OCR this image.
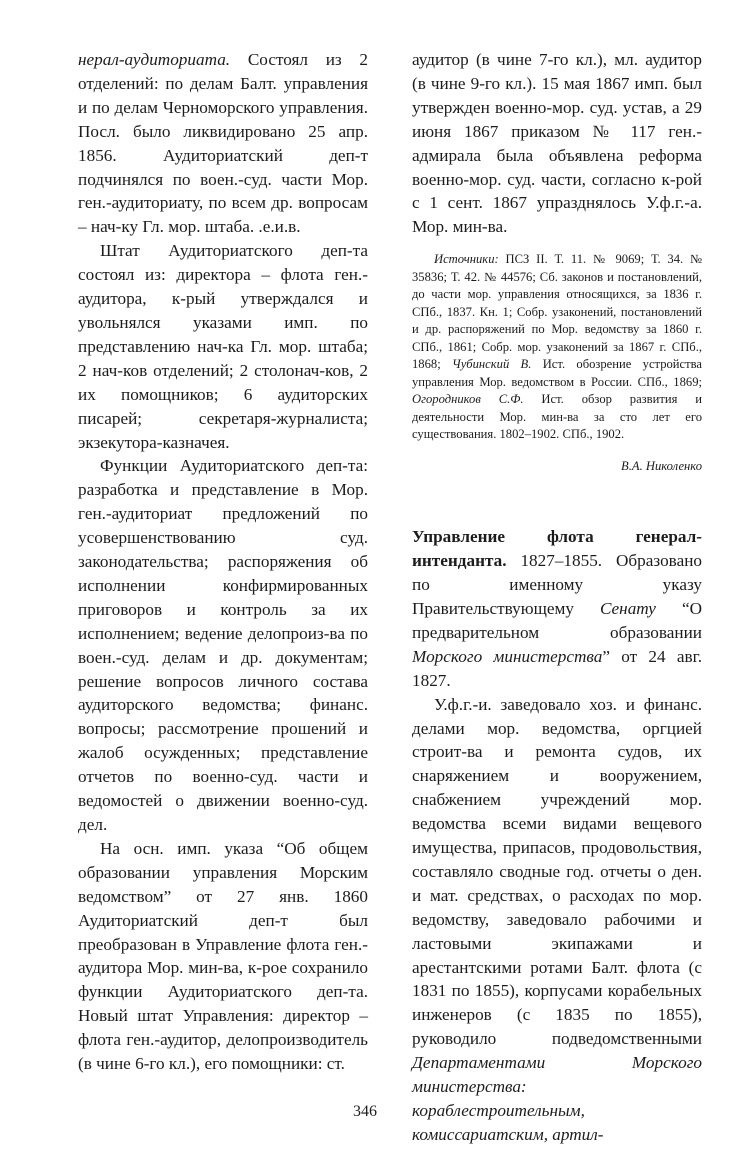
нерал-аудиториата. Состоял из 2 отделений: по делам Балт. управления и по делам Черноморского управления. Посл. было ликвидировано 25 апр. 1856. Аудиториатский деп-т подчинялся по воен.-суд. части Мор. ген.-аудиториату, по всем др. вопросам – нач-ку Гл. мор. штаба. .е.и.в.

Штат Аудиториатского деп-та состоял из: директора – флота ген.-аудитора, к-рый утверждался и увольнялся указами имп. по представлению нач-ка Гл. мор. штаба; 2 нач-ков отделений; 2 столонач-ков, 2 их помощников; 6 аудиторских писарей; секретаря-журналиста; экзекутора-казначея.

Функции Аудиториатского деп-та: разработка и представление в Мор. ген.-аудиториат предложений по усовершенствованию суд. законодательства; распоряжения об исполнении конфирмированных приговоров и контроль за их исполнением; ведение делопроиз-ва по воен.-суд. делам и др. документам; решение вопросов личного состава аудиторского ведомства; финанс. вопросы; рассмотрение прошений и жалоб осужденных; представление отчетов по военно-суд. части и ведомостей о движении военно-суд. дел.

На осн. имп. указа “Об общем образовании управления Морским ведомством” от 27 янв. 1860 Аудиториатский деп-т был преобразован в Управление флота ген.-аудитора Мор. мин-ва, к-рое сохранило функции Аудиториатского деп-та. Новый штат Управления: директор – флота ген.-аудитор, делопроизводитель (в чине 6-го кл.), его помощники: ст.

аудитор (в чине 7-го кл.), мл. аудитор (в чине 9-го кл.). 15 мая 1867 имп. был утвержден военно-мор. суд. устав, а 29 июня 1867 приказом № 117 ген.-адмирала была объявлена реформа военно-мор. суд. части, согласно к-рой с 1 сент. 1867 упразднялось У.ф.г.-а. Мор. мин-ва.

Источники: ПСЗ II. Т. 11. № 9069; Т. 34. № 35836; Т. 42. № 44576; Сб. законов и постановлений, до части мор. управления относящихся, за 1836 г. СПб., 1837. Кн. 1; Собр. узаконений, постановлений и др. распоряжений по Мор. ведомству за 1860 г. СПб., 1861; Собр. мор. узаконений за 1867 г. СПб., 1868; Чубинский В. Ист. обозрение устройства управления Мор. ведомством в России. СПб., 1869; Огородников С.Ф. Ист. обзор развития и деятельности Мор. мин-ва за сто лет его существования. 1802–1902. СПб., 1902.

В.А. Николенко

Управление флота генерал-интенданта. 1827–1855. Образовано по именному указу Правительствующему Сенату “О предварительном образовании Морского министерства” от 24 авг. 1827.

У.ф.г.-и. заведовало хоз. и финанс. делами мор. ведомства, оргцией строит-ва и ремонта судов, их снаряжением и вооружением, снабжением учреждений мор. ведомства всеми видами вещевого имущества, припасов, продовольствия, составляло сводные год. отчеты о ден. и мат. средствах, о расходах по мор. ведомству, заведовало рабочими и ластовыми экипажами и арестантскими ротами Балт. флота (с 1831 по 1855), корпусами корабельных инженеров (с 1835 по 1855), руководило подведомственными Департаментами Морского министерства: кораблестроительным, комиссариатским, артил-

346
